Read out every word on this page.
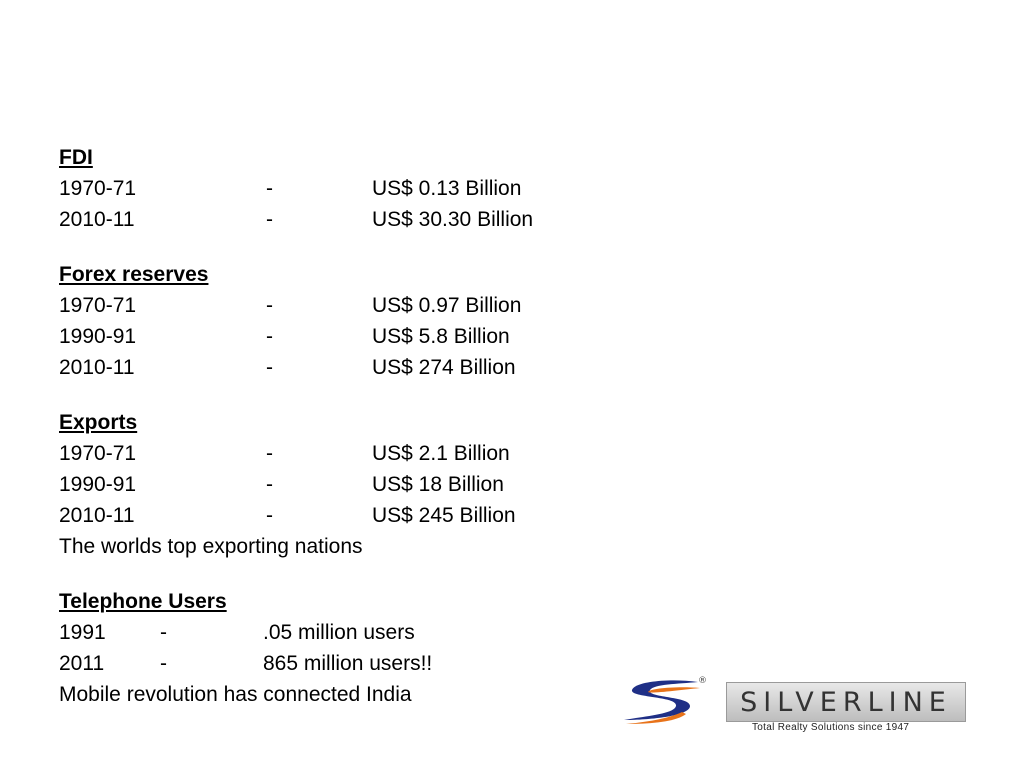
FDI
1970-71	-	US$ 0.13 Billion
2010-11	-	US$ 30.30 Billion
Forex reserves
1970-71	-	US$ 0.97 Billion
1990-91	-	US$ 5.8 Billion
2010-11	-	US$ 274 Billion
Exports
1970-71	-	US$ 2.1 Billion
1990-91	-	US$ 18 Billion
2010-11	-	US$ 245 Billion
The worlds top exporting nations
Telephone Users
1991	-	.05 million users
2011	-	865 million users!!
Mobile revolution has connected India
®
SILVERLINE
Total Realty Solutions since 1947
